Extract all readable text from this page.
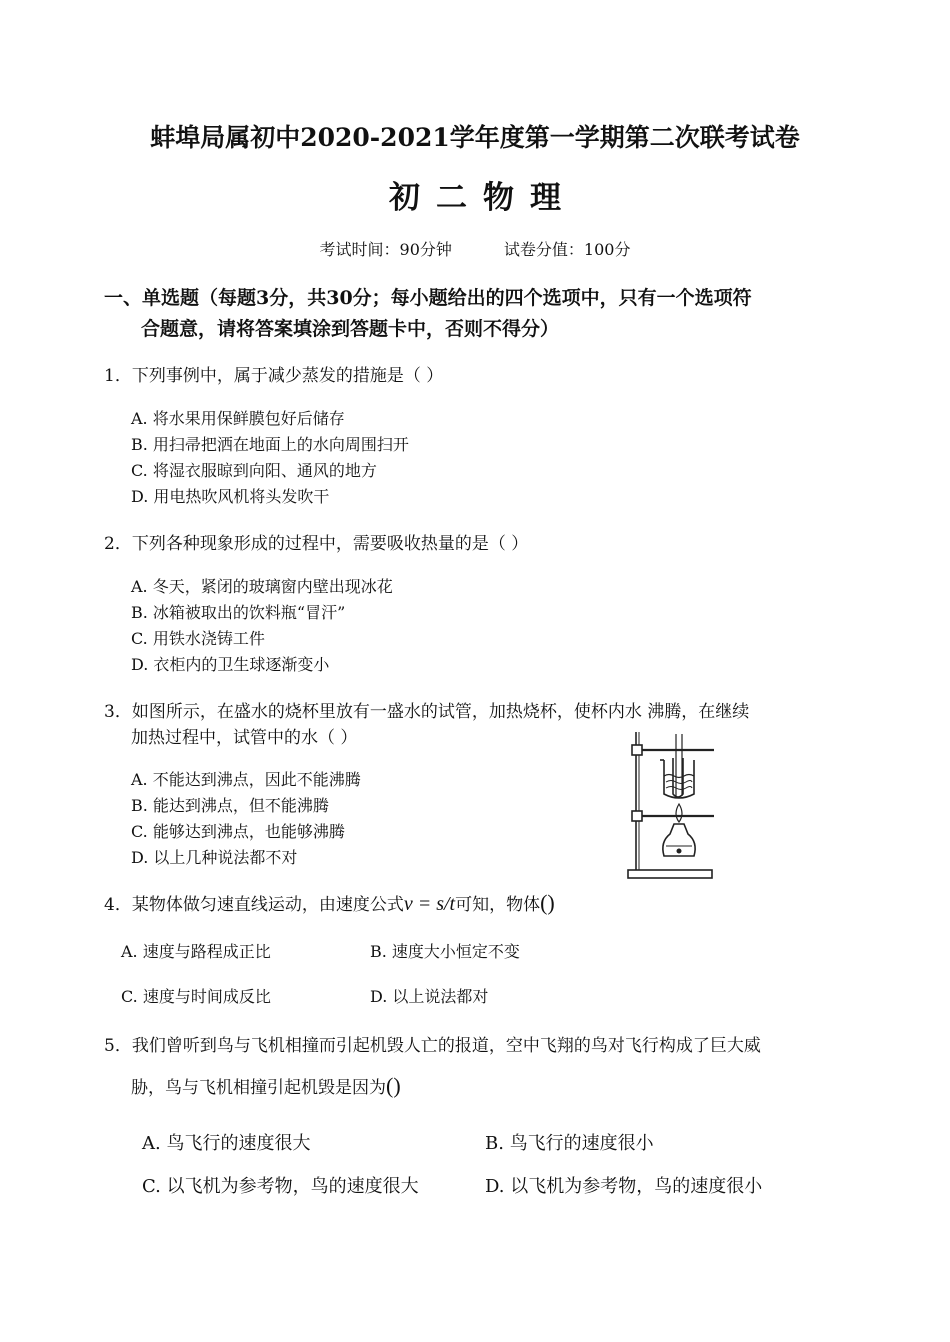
蚌埠局属初中2020-2021学年度第一学期第二次联考试卷
初二物理
考试时间：90分钟	试卷分值：100分
一、单选题（每题3分，共30分；每小题给出的四个选项中，只有一个选项符
合题意，请将答案填涂到答题卡中，否则不得分）
1．下列事例中，属于减少蒸发的措施是（ ）
A. 将水果用保鲜膜包好后储存
B. 用扫帚把洒在地面上的水向周围扫开
C. 将湿衣服晾到向阳、通风的地方
D. 用电热吹风机将头发吹干
2．下列各种现象形成的过程中，需要吸收热量的是（ ）
A. 冬天，紧闭的玻璃窗内壁出现冰花
B. 冰箱被取出的饮料瓶“冒汗”
C. 用铁水浇铸工件
D. 衣柜内的卫生球逐渐变小
3．如图所示，在盛水的烧杯里放有一盛水的试管，加热烧杯，使杯内水 沸腾，在继续
加热过程中，试管中的水（ ）
A. 不能达到沸点，因此不能沸腾
B. 能达到沸点，但不能沸腾
C. 能够达到沸点，也能够沸腾
D. 以上几种说法都不对
4．某物体做匀速直线运动，由速度公式v = s/t可知，物体()
A. 速度与路程成正比	B. 速度大小恒定不变
C. 速度与时间成反比	D. 以上说法都对
5．我们曾听到鸟与飞机相撞而引起机毁人亡的报道，空中飞翔的鸟对飞行构成了巨大威
胁，鸟与飞机相撞引起机毁是因为()
A. 鸟飞行的速度很大	B. 鸟飞行的速度很小
C. 以飞机为参考物，鸟的速度很大	D. 以飞机为参考物，鸟的速度很小
